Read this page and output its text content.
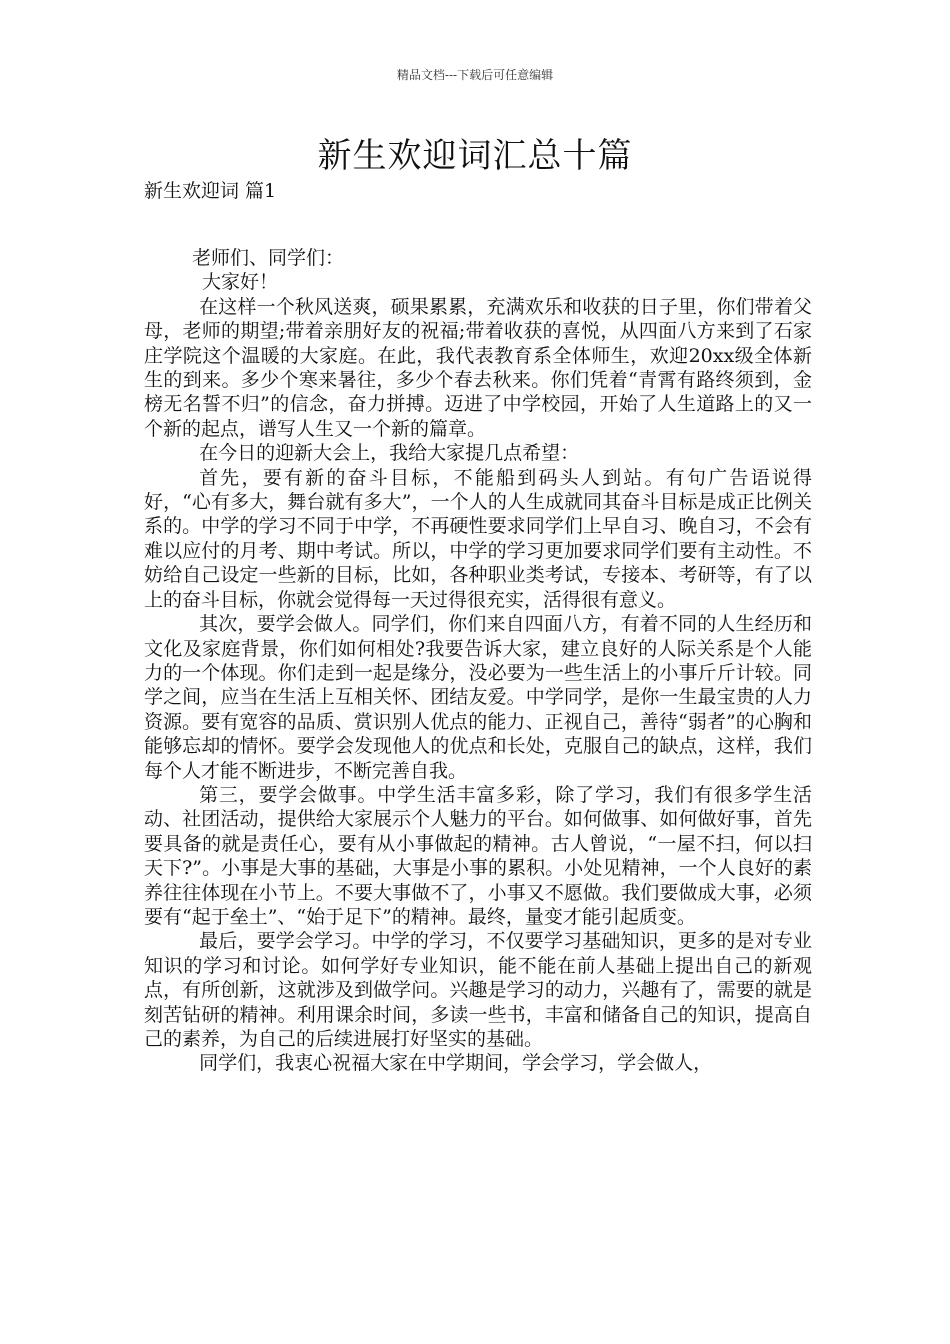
精品文档---下载后可任意编辑
新生欢迎词汇总十篇
新生欢迎词 篇1

老师们、同学们：

大家好！

在这样一个秋风送爽，硕果累累，充满欢乐和收获的日子里，你们带着父母，老师的期望;带着亲朋好友的祝福;带着收获的喜悦，从四面八方来到了石家庄学院这个温暖的大家庭。在此，我代表教育系全体师生，欢迎20xx级全体新生的到来。多少个寒来暑往，多少个春去秋来。你们凭着“青霄有路终须到，金榜无名誓不归”的信念，奋力拼搏。迈进了中学校园，开始了人生道路上的又一个新的起点，谱写人生又一个新的篇章。

在今日的迎新大会上，我给大家提几点希望：

首先，要有新的奋斗目标，不能船到码头人到站。有句广告语说得好，“心有多大，舞台就有多大”，一个人的人生成就同其奋斗目标是成正比例关系的。中学的学习不同于中学，不再硬性要求同学们上早自习、晚自习，不会有难以应付的月考、期中考试。所以，中学的学习更加要求同学们要有主动性。不妨给自己设定一些新的目标，比如，各种职业类考试，专接本、考研等，有了以上的奋斗目标，你就会觉得每一天过得很充实，活得很有意义。

其次，要学会做人。同学们，你们来自四面八方，有着不同的人生经历和文化及家庭背景，你们如何相处?我要告诉大家，建立良好的人际关系是个人能力的一个体现。你们走到一起是缘分，没必要为一些生活上的小事斤斤计较。同学之间，应当在生活上互相关怀、团结友爱。中学同学，是你一生最宝贵的人力资源。要有宽容的品质、赏识别人优点的能力、正视自己，善待“弱者”的心胸和能够忘却的情怀。要学会发现他人的优点和长处，克服自己的缺点，这样，我们每个人才能不断进步，不断完善自我。

第三，要学会做事。中学生活丰富多彩，除了学习，我们有很多学生活动、社团活动，提供给大家展示个人魅力的平台。如何做事、如何做好事，首先要具备的就是责任心，要有从小事做起的精神。古人曾说，“一屋不扫，何以扫天下?”。小事是大事的基础，大事是小事的累积。小处见精神，一个人良好的素养往往体现在小节上。不要大事做不了，小事又不愿做。我们要做成大事，必须要有“起于垒土”、“始于足下”的精神。最终，量变才能引起质变。

最后，要学会学习。中学的学习，不仅要学习基础知识，更多的是对专业知识的学习和讨论。如何学好专业知识，能不能在前人基础上提出自己的新观点，有所创新，这就涉及到做学问。兴趣是学习的动力，兴趣有了，需要的就是刻苦钻研的精神。利用课余时间，多读一些书，丰富和储备自己的知识，提高自己的素养，为自己的后续进展打好坚实的基础。

同学们，我衷心祝福大家在中学期间，学会学习，学会做人，
